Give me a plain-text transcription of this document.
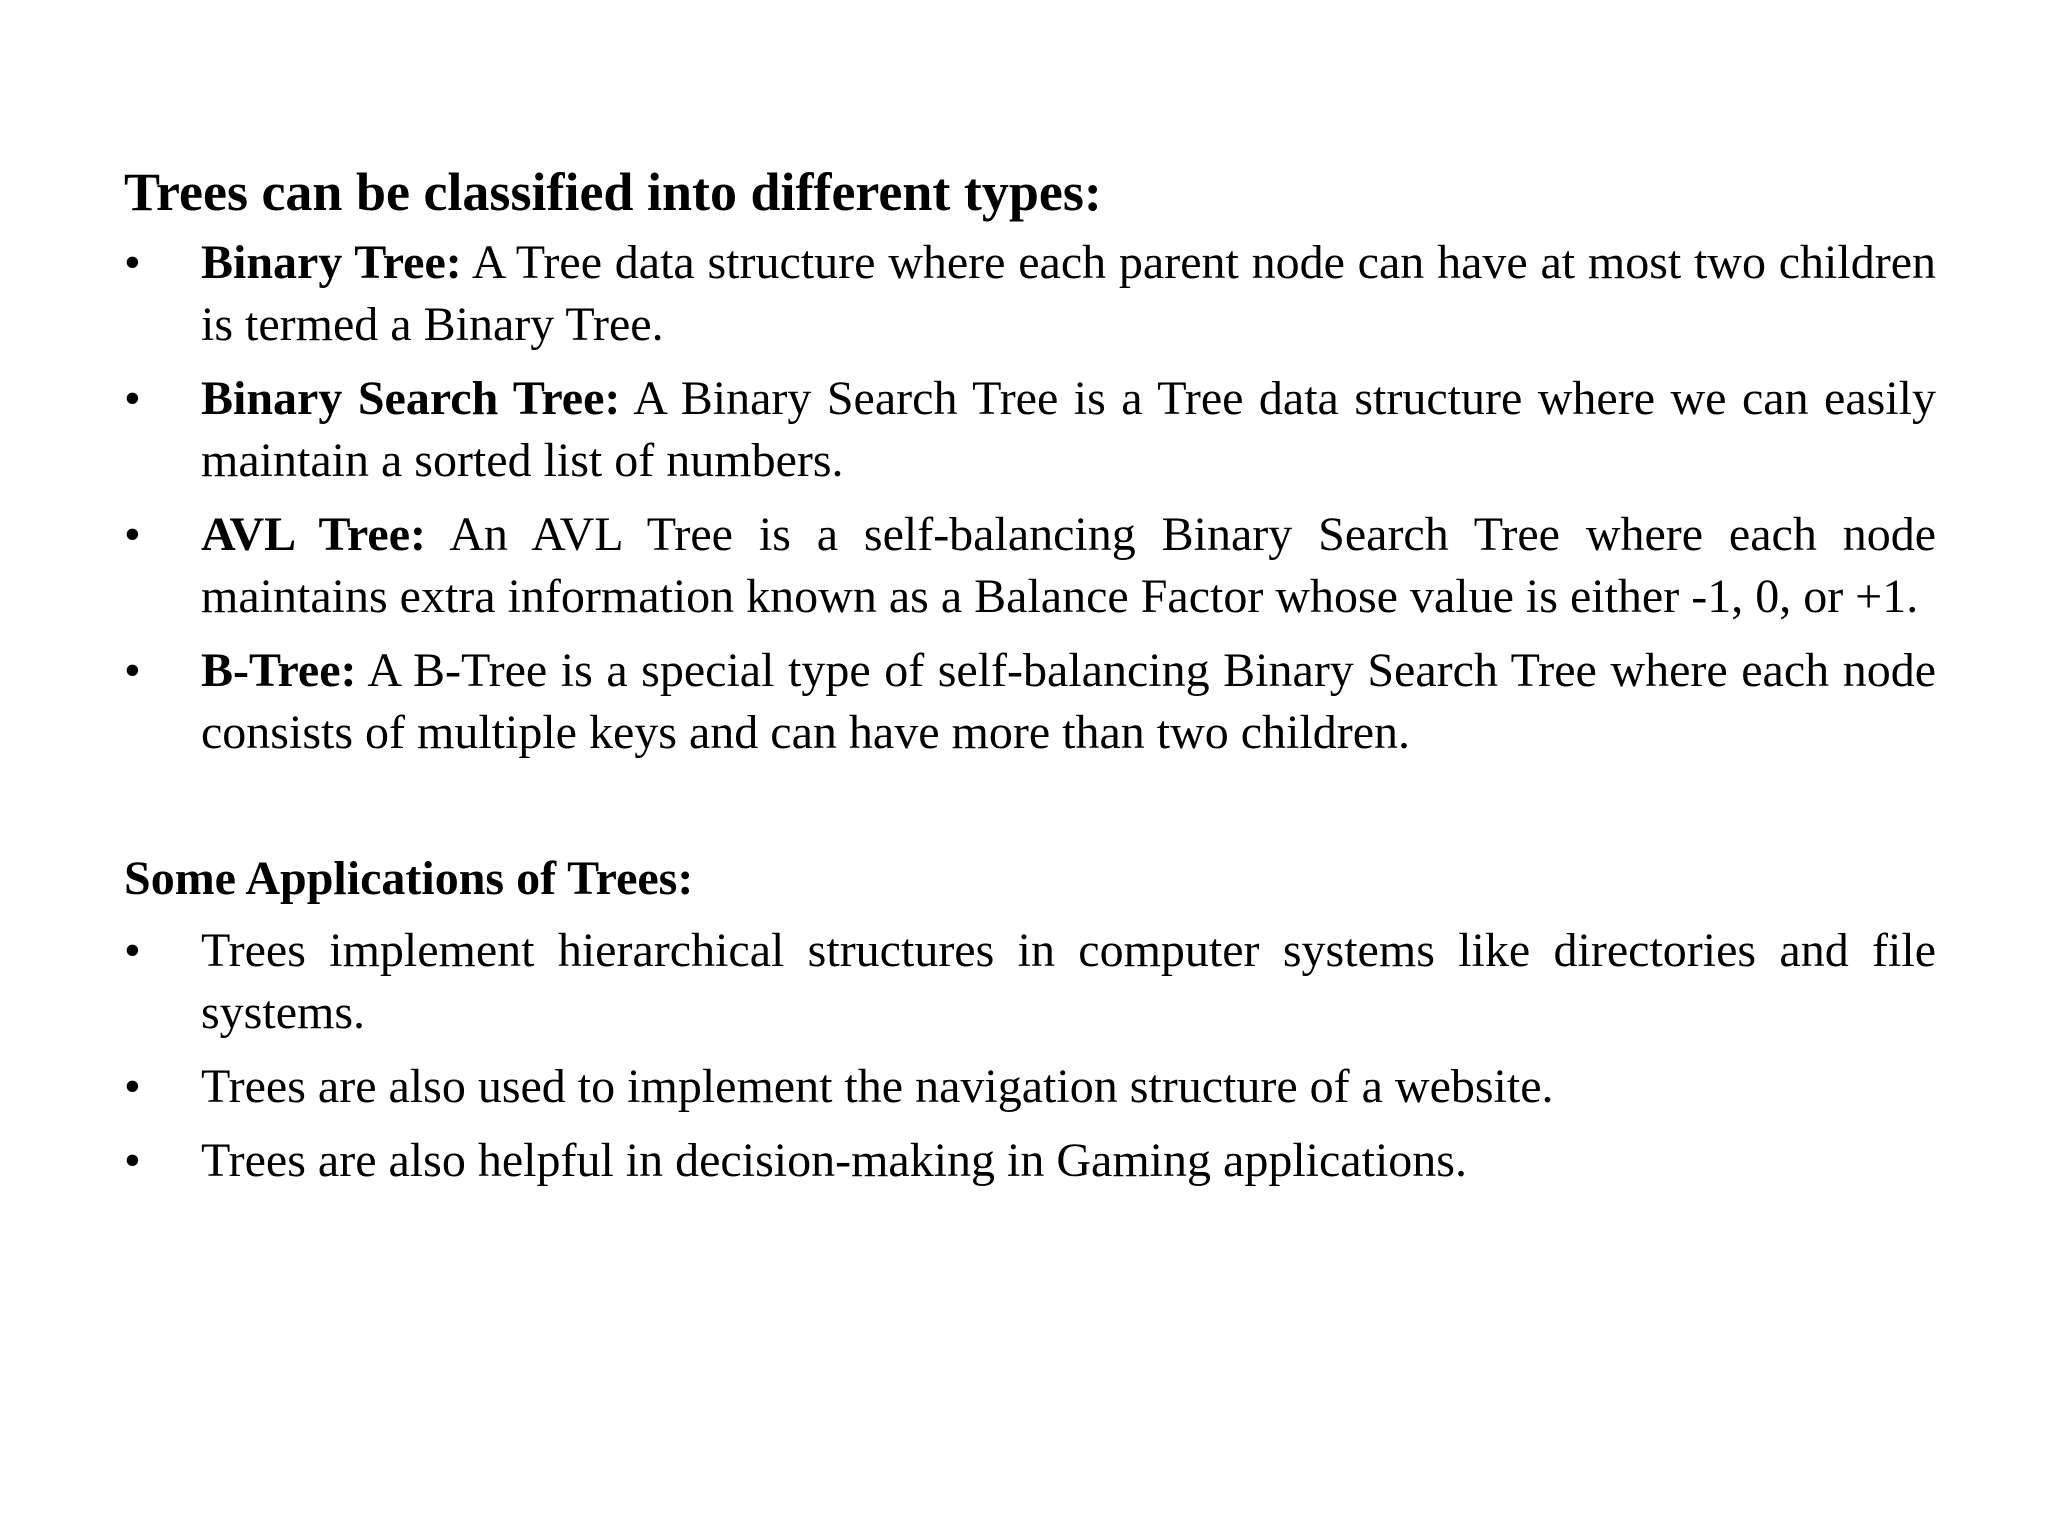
Trees can be classified into different types:
•	Binary Tree: A Tree data structure where each parent node can have at most two children is termed a Binary Tree.
•	Binary Search Tree: A Binary Search Tree is a Tree data structure where we can easily maintain a sorted list of numbers.
•	AVL Tree: An AVL Tree is a self-balancing Binary Search Tree where each node maintains extra information known as a Balance Factor whose value is either -1, 0, or +1.
•	B-Tree: A B-Tree is a special type of self-balancing Binary Search Tree where each node consists of multiple keys and can have more than two children.
Some Applications of Trees:
•	Trees implement hierarchical structures in computer systems like directories and file systems.
•	Trees are also used to implement the navigation structure of a website.
•	Trees are also helpful in decision-making in Gaming applications.
